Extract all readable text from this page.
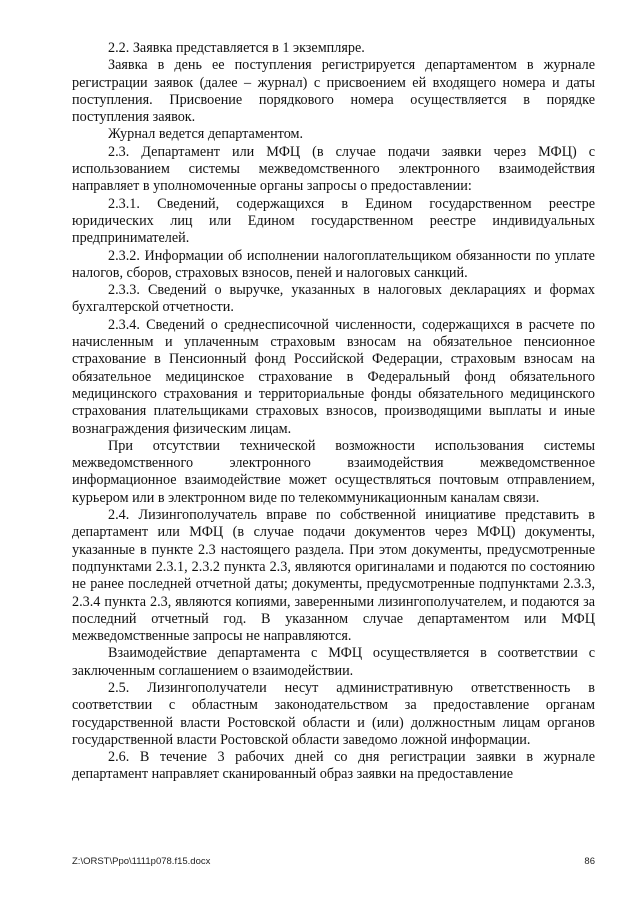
2.2. Заявка представляется в 1 экземпляре.

Заявка в день ее поступления регистрируется департаментом в журнале регистрации заявок (далее – журнал) с присвоением ей входящего номера и даты поступления. Присвоение порядкового номера осуществляется в порядке поступления заявок.

Журнал ведется департаментом.

2.3. Департамент или МФЦ (в случае подачи заявки через МФЦ) с использованием системы межведомственного электронного взаимодействия направляет в уполномоченные органы запросы о предоставлении:

2.3.1. Сведений, содержащихся в Едином государственном реестре юридических лиц или Едином государственном реестре индивидуальных предпринимателей.

2.3.2. Информации об исполнении налогоплательщиком обязанности по уплате налогов, сборов, страховых взносов, пеней и налоговых санкций.

2.3.3. Сведений о выручке, указанных в налоговых декларациях и формах бухгалтерской отчетности.

2.3.4. Сведений о среднесписочной численности, содержащихся в расчете по начисленным и уплаченным страховым взносам на обязательное пенсионное страхование в Пенсионный фонд Российской Федерации, страховым взносам на обязательное медицинское страхование в Федеральный фонд обязательного медицинского страхования и территориальные фонды обязательного медицинского страхования плательщиками страховых взносов, производящими выплаты и иные вознаграждения физическим лицам.

При отсутствии технической возможности использования системы межведомственного электронного взаимодействия межведомственное информационное взаимодействие может осуществляться почтовым отправлением, курьером или в электронном виде по телекоммуникационным каналам связи.

2.4. Лизингополучатель вправе по собственной инициативе представить в департамент или МФЦ (в случае подачи документов через МФЦ) документы, указанные в пункте 2.3 настоящего раздела. При этом документы, предусмотренные подпунктами 2.3.1, 2.3.2 пункта 2.3, являются оригиналами и подаются по состоянию не ранее последней отчетной даты; документы, предусмотренные подпунктами 2.3.3, 2.3.4 пункта 2.3, являются копиями, заверенными лизингополучателем, и подаются за последний отчетный год. В указанном случае департаментом или МФЦ межведомственные запросы не направляются.

Взаимодействие департамента с МФЦ осуществляется в соответствии с заключенным соглашением о взаимодействии.

2.5. Лизингополучатели несут административную ответственность в соответствии с областным законодательством за предоставление органам государственной власти Ростовской области и (или) должностным лицам органов государственной власти Ростовской области заведомо ложной информации.

2.6. В течение 3 рабочих дней со дня регистрации заявки в журнале департамент направляет сканированный образ заявки на предоставление

Z:\ORST\Ppo\1111p078.f15.docx	86
